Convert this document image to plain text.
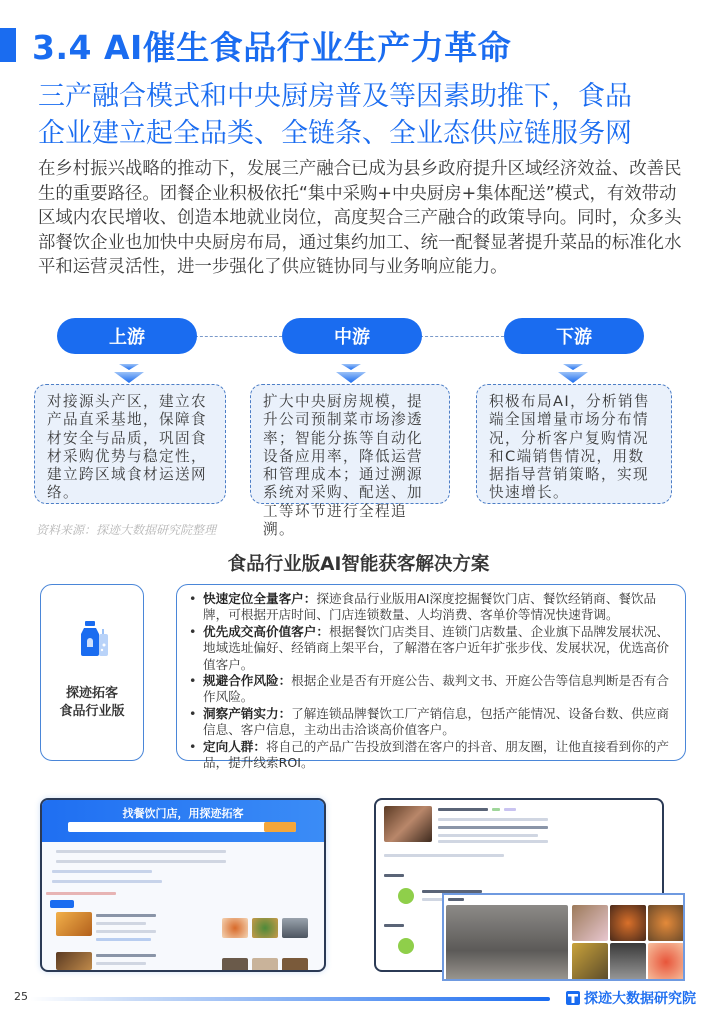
3.4 AI催生食品行业生产力革命
三产融合模式和中央厨房普及等因素助推下，食品
企业建立起全品类、全链条、全业态供应链服务网

在乡村振兴战略的推动下，发展三产融合已成为县乡政府提升区域经济效益、改善民生的重要路径。团餐企业积极依托“集中采购+中央厨房+集体配送”模式，有效带动区域内农民增收、创造本地就业岗位，高度契合三产融合的政策导向。同时，众多头部餐饮企业也加快中央厨房布局，通过集约加工、统一配餐显著提升菜品的标准化水平和运营灵活性，进一步强化了供应链协同与业务响应能力。

上游	中游	下游
对接源头产区，建立农产品直采基地，保障食材安全与品质，巩固食材采购优势与稳定性，建立跨区域食材运送网络。
扩大中央厨房规模，提升公司预制菜市场渗透率；智能分拣等自动化设备应用率，降低运营和管理成本；通过溯源系统对采购、配送、加工等环节进行全程追溯。
积极布局AI，分析销售端全国增量市场分布情况，分析客户复购情况和C端销售情况，用数据指导营销策略，实现快速增长。
资料来源：探迹大数据研究院整理
食品行业版AI智能获客解决方案
探迹拓客
食品行业版
• 快速定位全量客户：探迹食品行业版用AI深度挖掘餐饮门店、餐饮经销商、餐饮品牌，可根据开店时间、门店连锁数量、人均消费、客单价等情况快速背调。
• 优先成交高价值客户：根据餐饮门店类目、连锁门店数量、企业旗下品牌发展状况、地域选址偏好、经销商上架平台，了解潜在客户近年扩张步伐、发展状况，优选高价值客户。
• 规避合作风险：根据企业是否有开庭公告、裁判文书、开庭公告等信息判断是否有合作风险。
• 洞察产销实力：了解连锁品牌餐饮工厂产销信息，包括产能情况、设备台数、供应商信息、客户信息，主动出击洽谈高价值客户。
• 定向人群：将自己的产品广告投放到潜在客户的抖音、朋友圈，让他直接看到你的产品，提升线索ROI。
找餐饮门店，用探迹拓客
25	探迹大数据研究院
